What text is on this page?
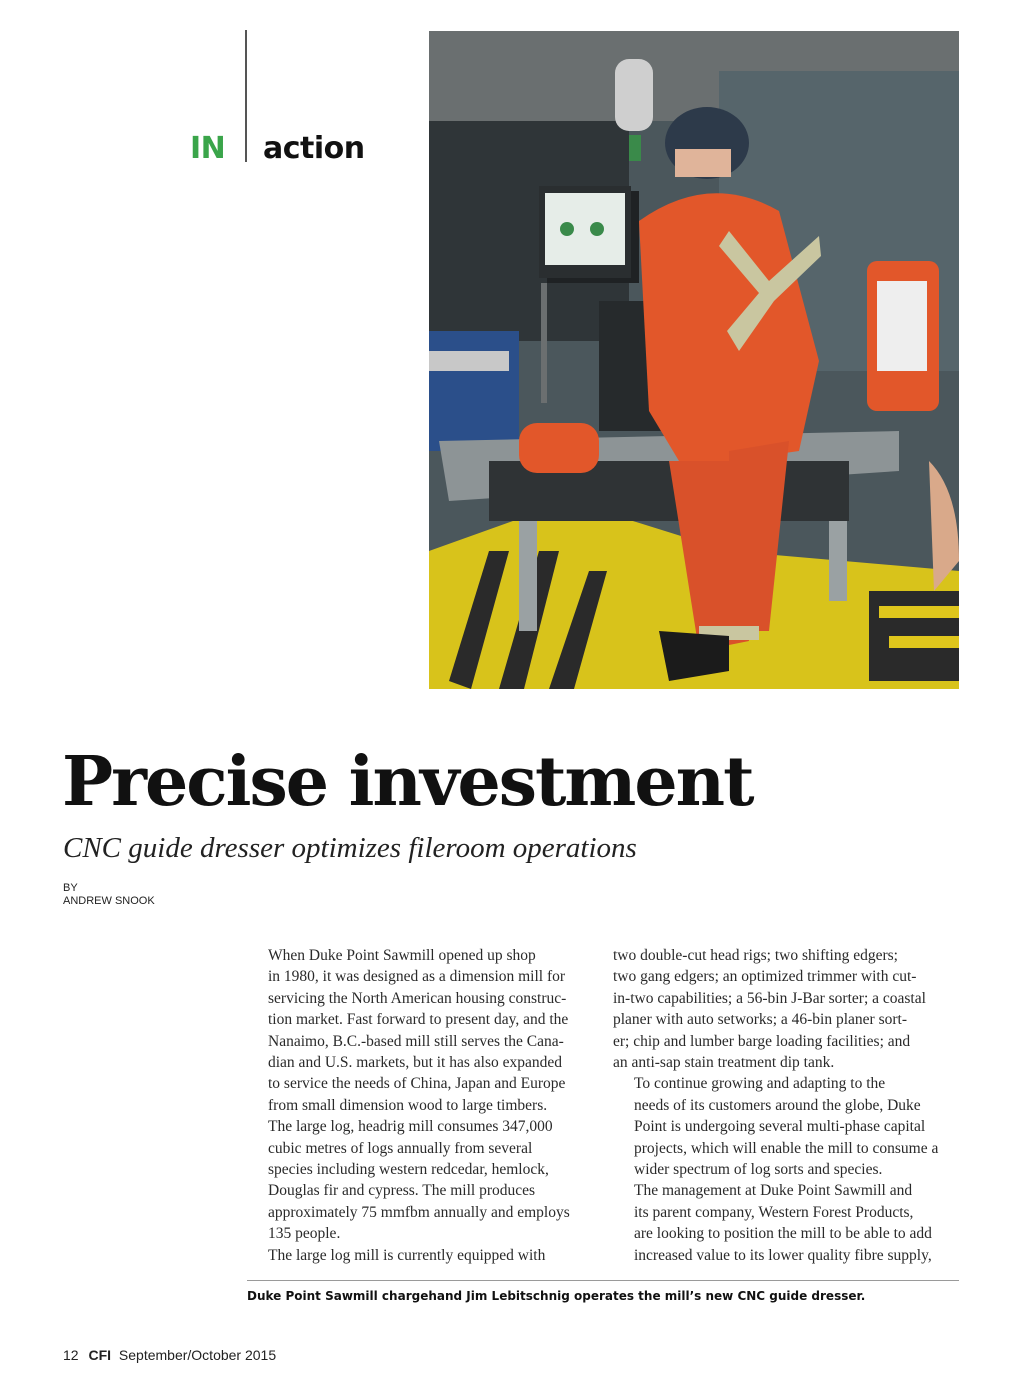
IN action
Precise investment
CNC guide dresser optimizes fileroom operations
BY
ANDREW SNOOK

When Duke Point Sawmill opened up shop
in 1980, it was designed as a dimension mill for
servicing the North American housing construc-
tion market. Fast forward to present day, and the
Nanaimo, B.C.-based mill still serves the Cana-
dian and U.S. markets, but it has also expanded
to service the needs of China, Japan and Europe
from small dimension wood to large timbers.

The large log, headrig mill consumes 347,000
cubic metres of logs annually from several
species including western redcedar, hemlock,
Douglas fir and cypress. The mill produces
approximately 75 mmfbm annually and employs
135 people.

The large log mill is currently equipped with

two double-cut head rigs; two shifting edgers;
two gang edgers; an optimized trimmer with cut-
in-two capabilities; a 56-bin J-Bar sorter; a coastal
planer with auto setworks; a 46-bin planer sort-
er; chip and lumber barge loading facilities; and
an anti-sap stain treatment dip tank.

To continue growing and adapting to the
needs of its customers around the globe, Duke
Point is undergoing several multi-phase capital
projects, which will enable the mill to consume a
wider spectrum of log sorts and species.

The management at Duke Point Sawmill and
its parent company, Western Forest Products,
are looking to position the mill to be able to add
increased value to its lower quality fibre supply,

Duke Point Sawmill chargehand Jim Lebitschnig operates the mill’s new CNC guide dresser.
12 CFI September/October 2015
